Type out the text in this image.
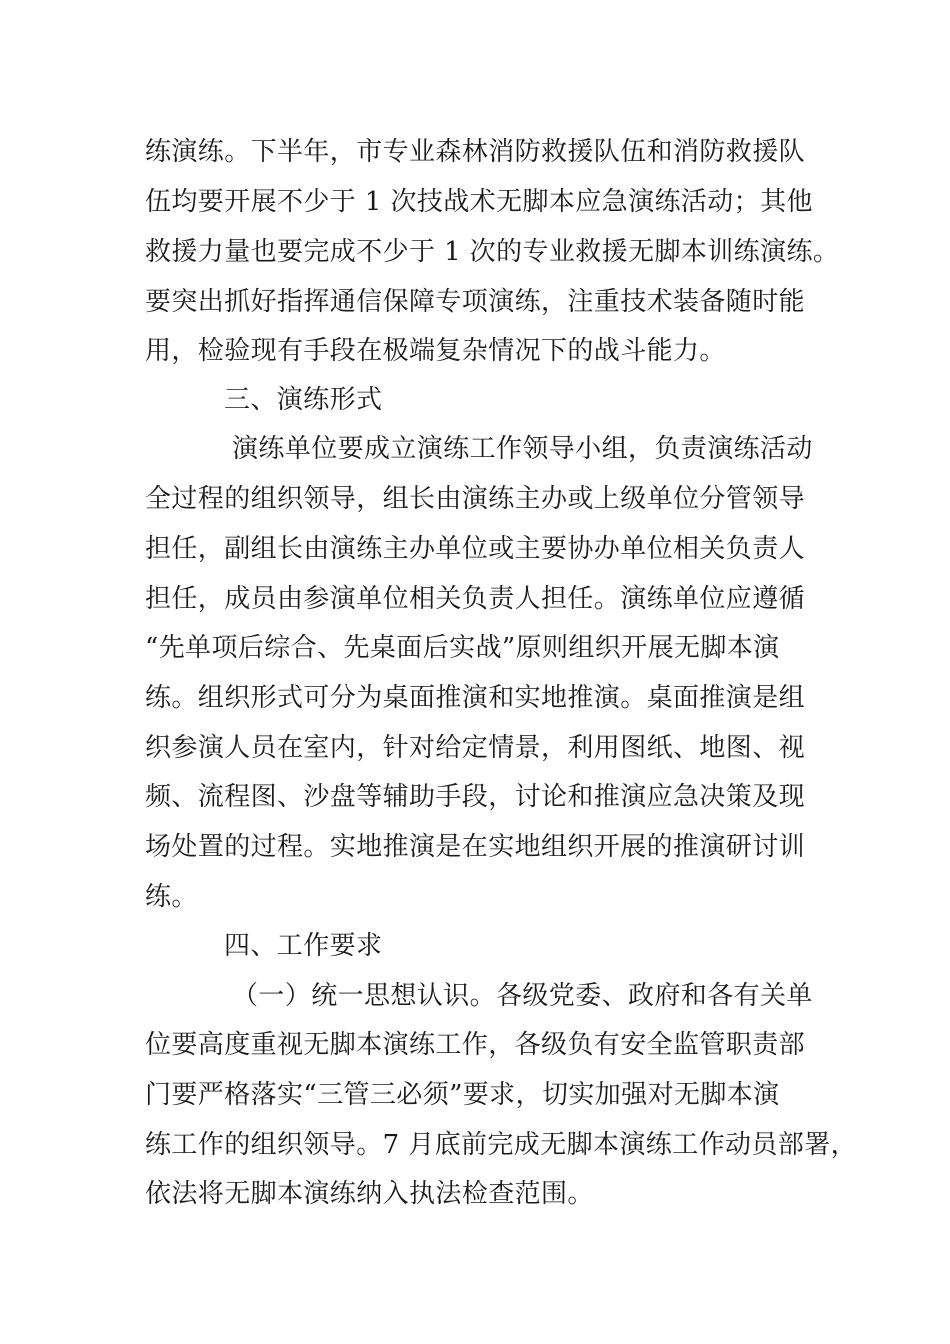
练演练。下半年，市专业森林消防救援队伍和消防救援队

伍均要开展不少于 1 次技战术无脚本应急演练活动；其他

救援力量也要完成不少于 1 次的专业救援无脚本训练演练。

要突出抓好指挥通信保障专项演练，注重技术装备随时能

用，检验现有手段在极端复杂情况下的战斗能力。

三、演练形式

演练单位要成立演练工作领导小组，负责演练活动

全过程的组织领导，组长由演练主办或上级单位分管领导

担任，副组长由演练主办单位或主要协办单位相关负责人

担任，成员由参演单位相关负责人担任。演练单位应遵循

“先单项后综合、先桌面后实战”原则组织开展无脚本演

练。组织形式可分为桌面推演和实地推演。桌面推演是组

织参演人员在室内，针对给定情景，利用图纸、地图、视

频、流程图、沙盘等辅助手段，讨论和推演应急决策及现

场处置的过程。实地推演是在实地组织开展的推演研讨训

练。

四、工作要求

（一）统一思想认识。各级党委、政府和各有关单

位要高度重视无脚本演练工作，各级负有安全监管职责部

门要严格落实“三管三必须”要求，切实加强对无脚本演

练工作的组织领导。7 月底前完成无脚本演练工作动员部署，

依法将无脚本演练纳入执法检查范围。
